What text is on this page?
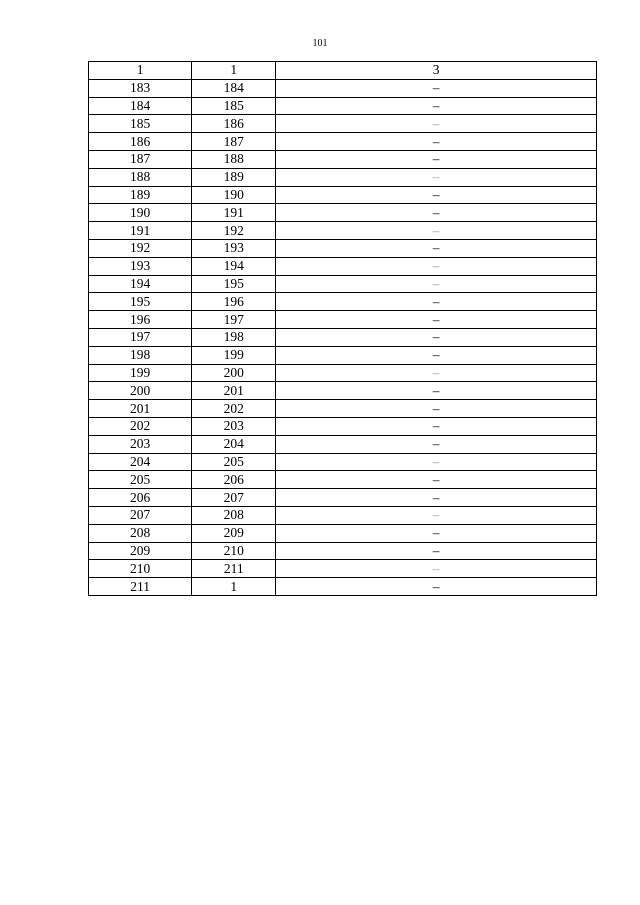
101
1	1	3
183	184	–
184	185	–
185	186	–
186	187	–
187	188	–
188	189	–
189	190	–
190	191	–
191	192	–
192	193	–
193	194	–
194	195	–
195	196	–
196	197	–
197	198	–
198	199	–
199	200	–
200	201	–
201	202	–
202	203	–
203	204	–
204	205	–
205	206	–
206	207	–
207	208	–
208	209	–
209	210	–
210	211	–
211	1	–
